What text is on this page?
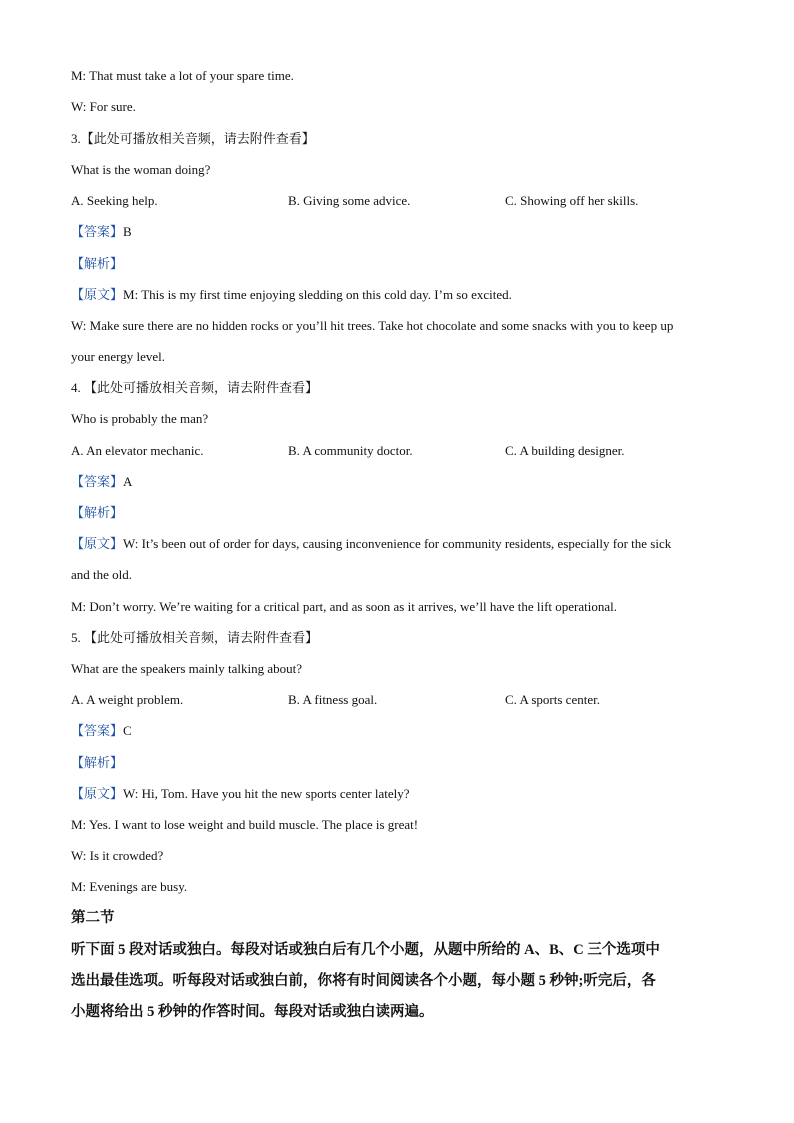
M: That must take a lot of your spare time.
W: For sure.
3.【此处可播放相关音频，请去附件查看】
What is the woman doing?
A. Seeking help.	B. Giving some advice.	C. Showing off her skills.
【答案】B
【解析】
【原文】M: This is my first time enjoying sledding on this cold day. I’m so excited.
W: Make sure there are no hidden rocks or you’ll hit trees. Take hot chocolate and some snacks with you to keep up
your energy level.
4. 【此处可播放相关音频，请去附件查看】
Who is probably the man?
A. An elevator mechanic.	B. A community doctor.	C. A building designer.
【答案】A
【解析】
【原文】W: It’s been out of order for days, causing inconvenience for community residents, especially for the sick
and the old.
M: Don’t worry. We’re waiting for a critical part, and as soon as it arrives, we’ll have the lift operational.
5. 【此处可播放相关音频，请去附件查看】
What are the speakers mainly talking about?
A. A weight problem.	B. A fitness goal.	C. A sports center.
【答案】C
【解析】
【原文】W: Hi, Tom. Have you hit the new sports center lately?
M: Yes. I want to lose weight and build muscle. The place is great!
W: Is it crowded?
M: Evenings are busy.
第二节
听下面 5 段对话或独白。每段对话或独白后有几个小题，从题中所给的 A、B、C 三个选项中
选出最佳选项。听每段对话或独白前，你将有时间阅读各个小题，每小题 5 秒钟;听完后，各
小题将给出 5 秒钟的作答时间。每段对话或独白读两遍。
